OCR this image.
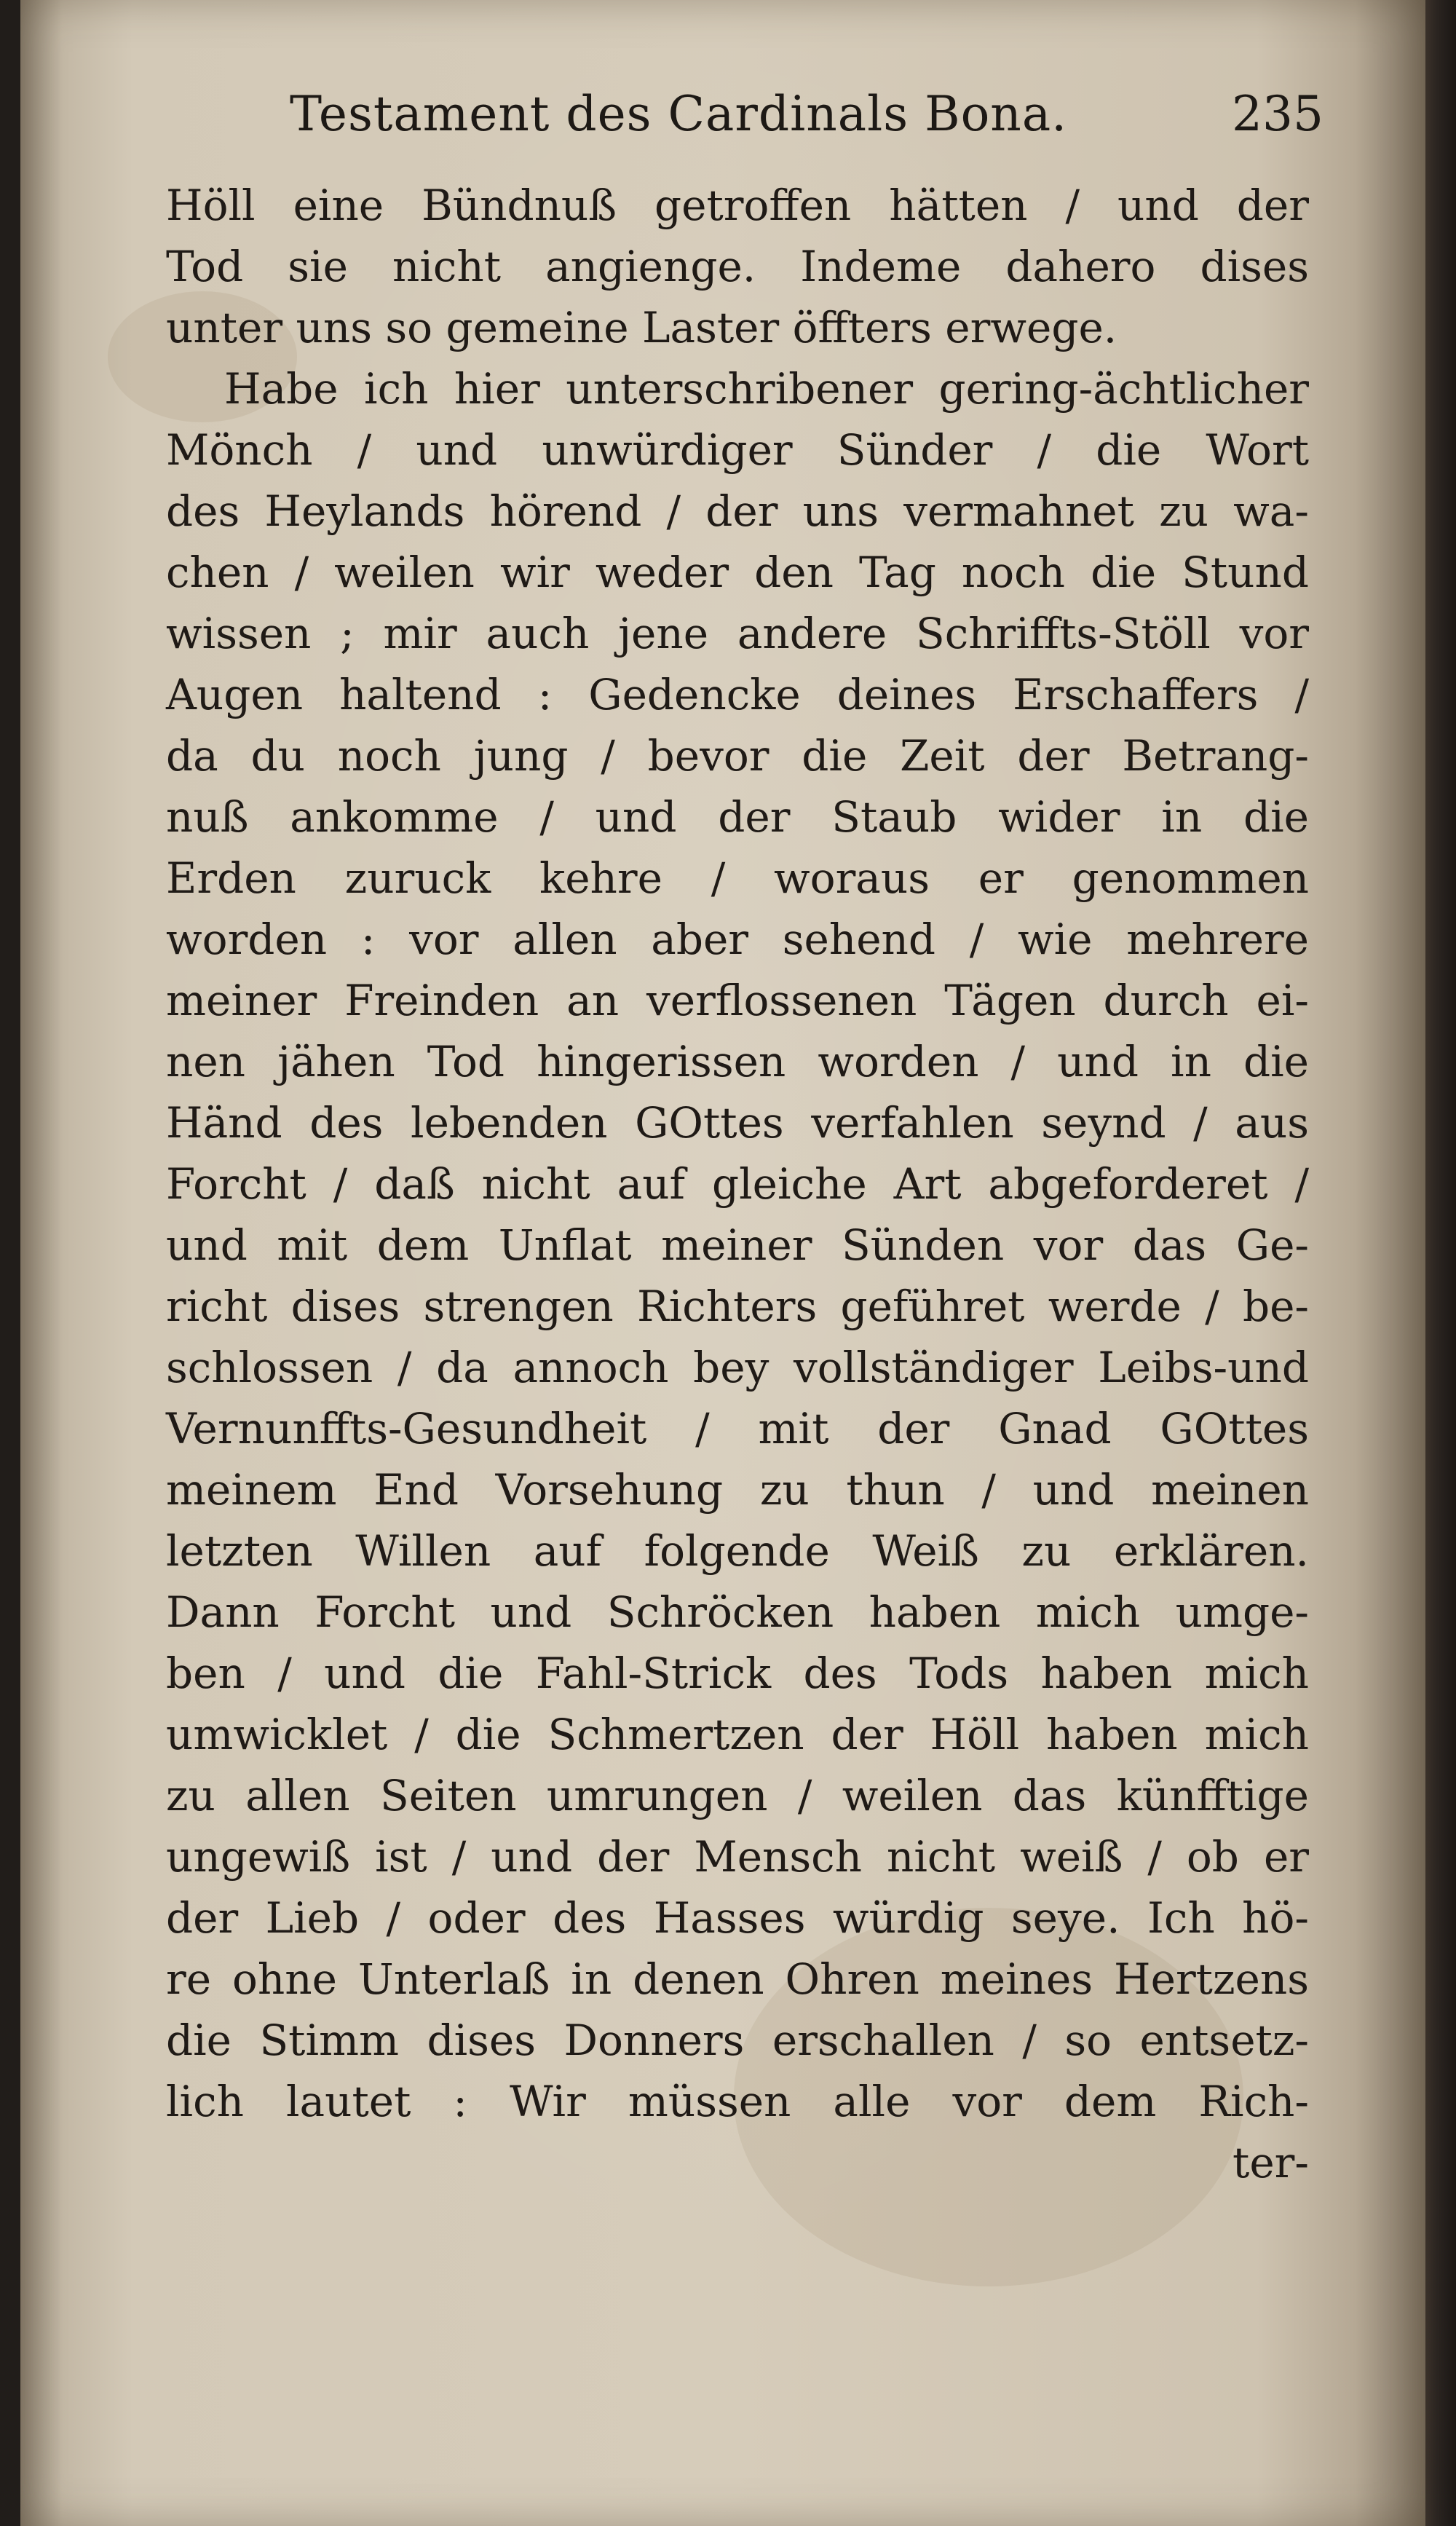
Testament des Cardinals Bona.	235
Höll eine Bündnuß getroffen hätten / und der
Tod sie nicht angienge. Indeme dahero dises
unter uns so gemeine Laster öffters erwege.
Habe ich hier unterschribener gering-ächtlicher
Mönch / und unwürdiger Sünder / die Wort
des Heylands hörend / der uns vermahnet zu wa-
chen / weilen wir weder den Tag noch die Stund
wissen ; mir auch jene andere Schriffts-Stöll vor
Augen haltend : Gedencke deines Erschaffers /
da du noch jung / bevor die Zeit der Betrang-
nuß ankomme / und der Staub wider in die
Erden zuruck kehre / woraus er genommen
worden : vor allen aber sehend / wie mehrere
meiner Freinden an verflossenen Tägen durch ei-
nen jähen Tod hingerissen worden / und in die
Händ des lebenden GOttes verfahlen seynd / aus
Forcht / daß nicht auf gleiche Art abgeforderet /
und mit dem Unflat meiner Sünden vor das Ge-
richt dises strengen Richters geführet werde / be-
schlossen / da annoch bey vollständiger Leibs-und
Vernunffts-Gesundheit / mit der Gnad GOttes
meinem End Vorsehung zu thun / und meinen
letzten Willen auf folgende Weiß zu erklären.
Dann Forcht und Schröcken haben mich umge-
ben / und die Fahl-Strick des Tods haben mich
umwicklet / die Schmertzen der Höll haben mich
zu allen Seiten umrungen / weilen das künfftige
ungewiß ist / und der Mensch nicht weiß / ob er
der Lieb / oder des Hasses würdig seye. Ich hö-
re ohne Unterlaß in denen Ohren meines Hertzens
die Stimm dises Donners erschallen / so entsetz-
lich lautet : Wir müssen alle vor dem Rich-
ter-
